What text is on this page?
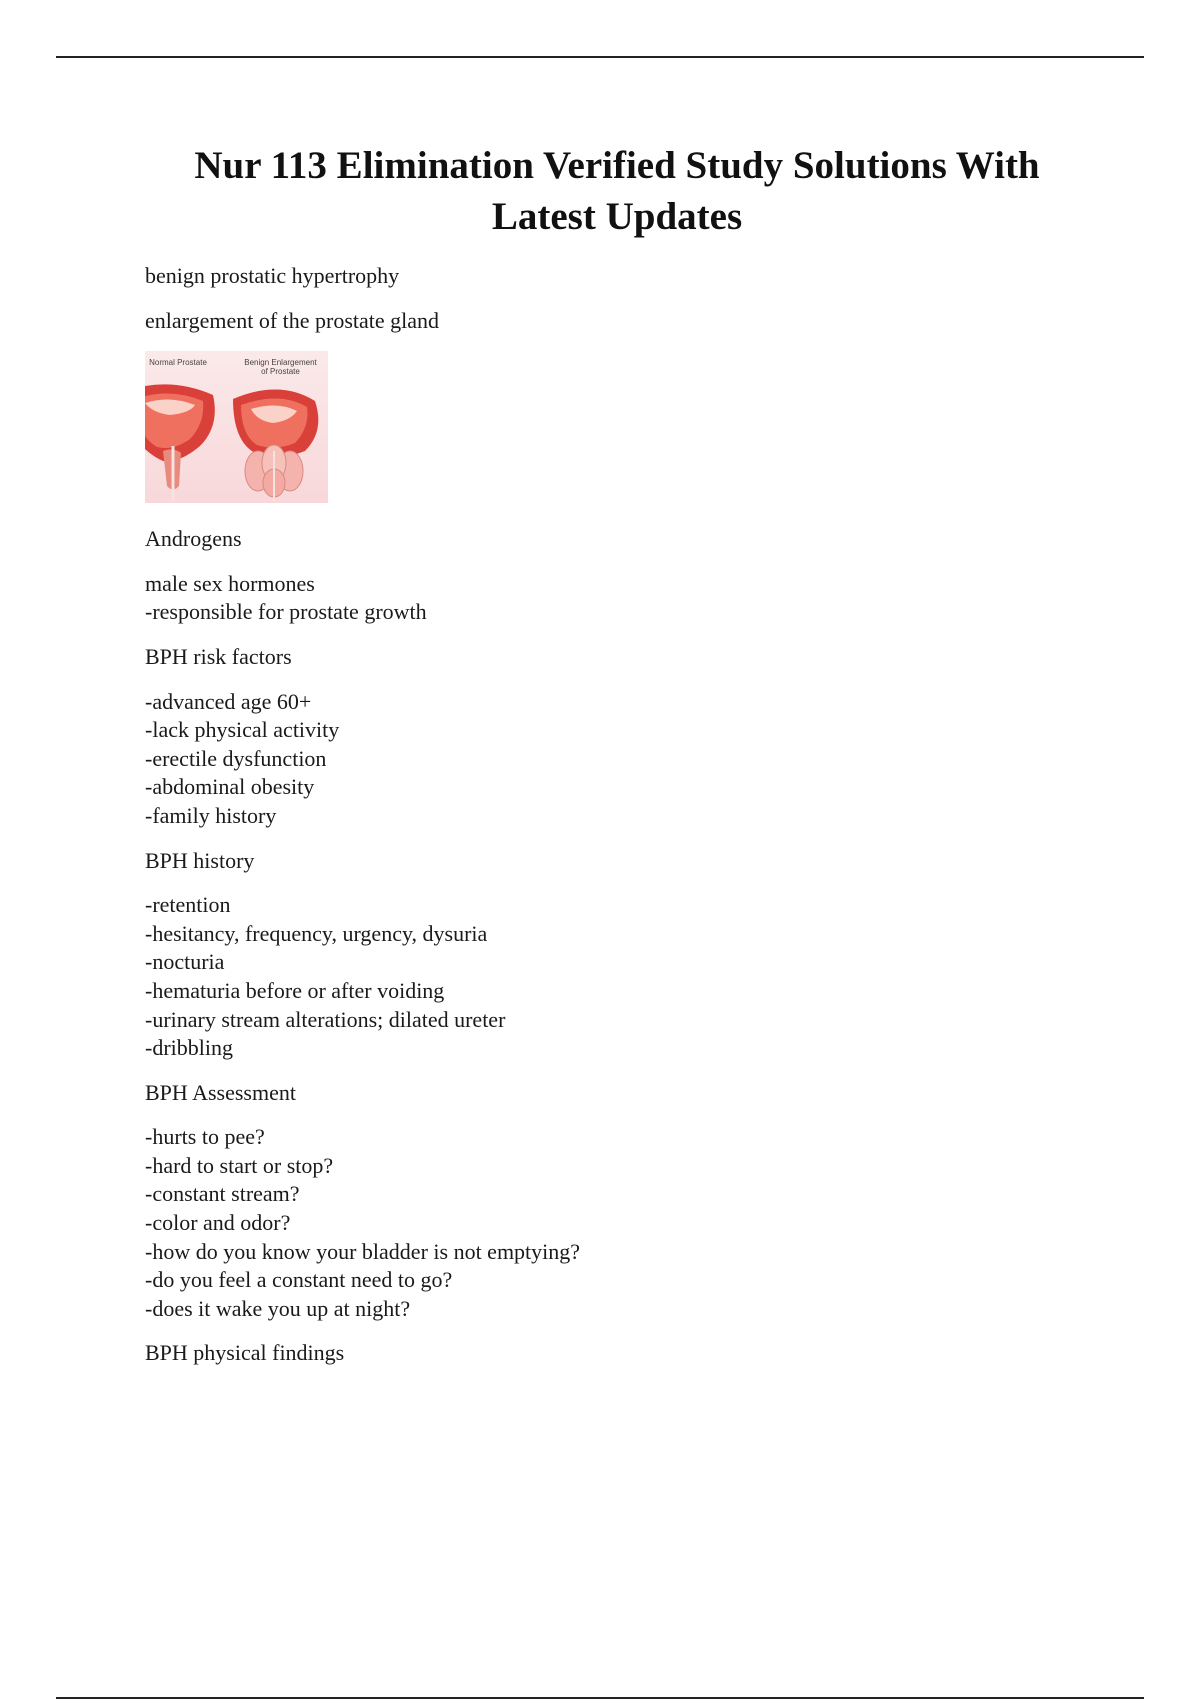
Nur 113 Elimination Verified Study Solutions With
Latest Updates

benign prostatic hypertrophy

enlargement of the prostate gland

Normal Prostate	Benign Enlargement
of Prostate

Androgens

male sex hormones
-responsible for prostate growth

BPH risk factors

-advanced age 60+
-lack physical activity
-erectile dysfunction
-abdominal obesity
-family history

BPH history

-retention
-hesitancy, frequency, urgency, dysuria
-nocturia
-hematuria before or after voiding
-urinary stream alterations; dilated ureter
-dribbling

BPH Assessment

-hurts to pee?
-hard to start or stop?
-constant stream?
-color and odor?
-how do you know your bladder is not emptying?
-do you feel a constant need to go?
-does it wake you up at night?

BPH physical findings
